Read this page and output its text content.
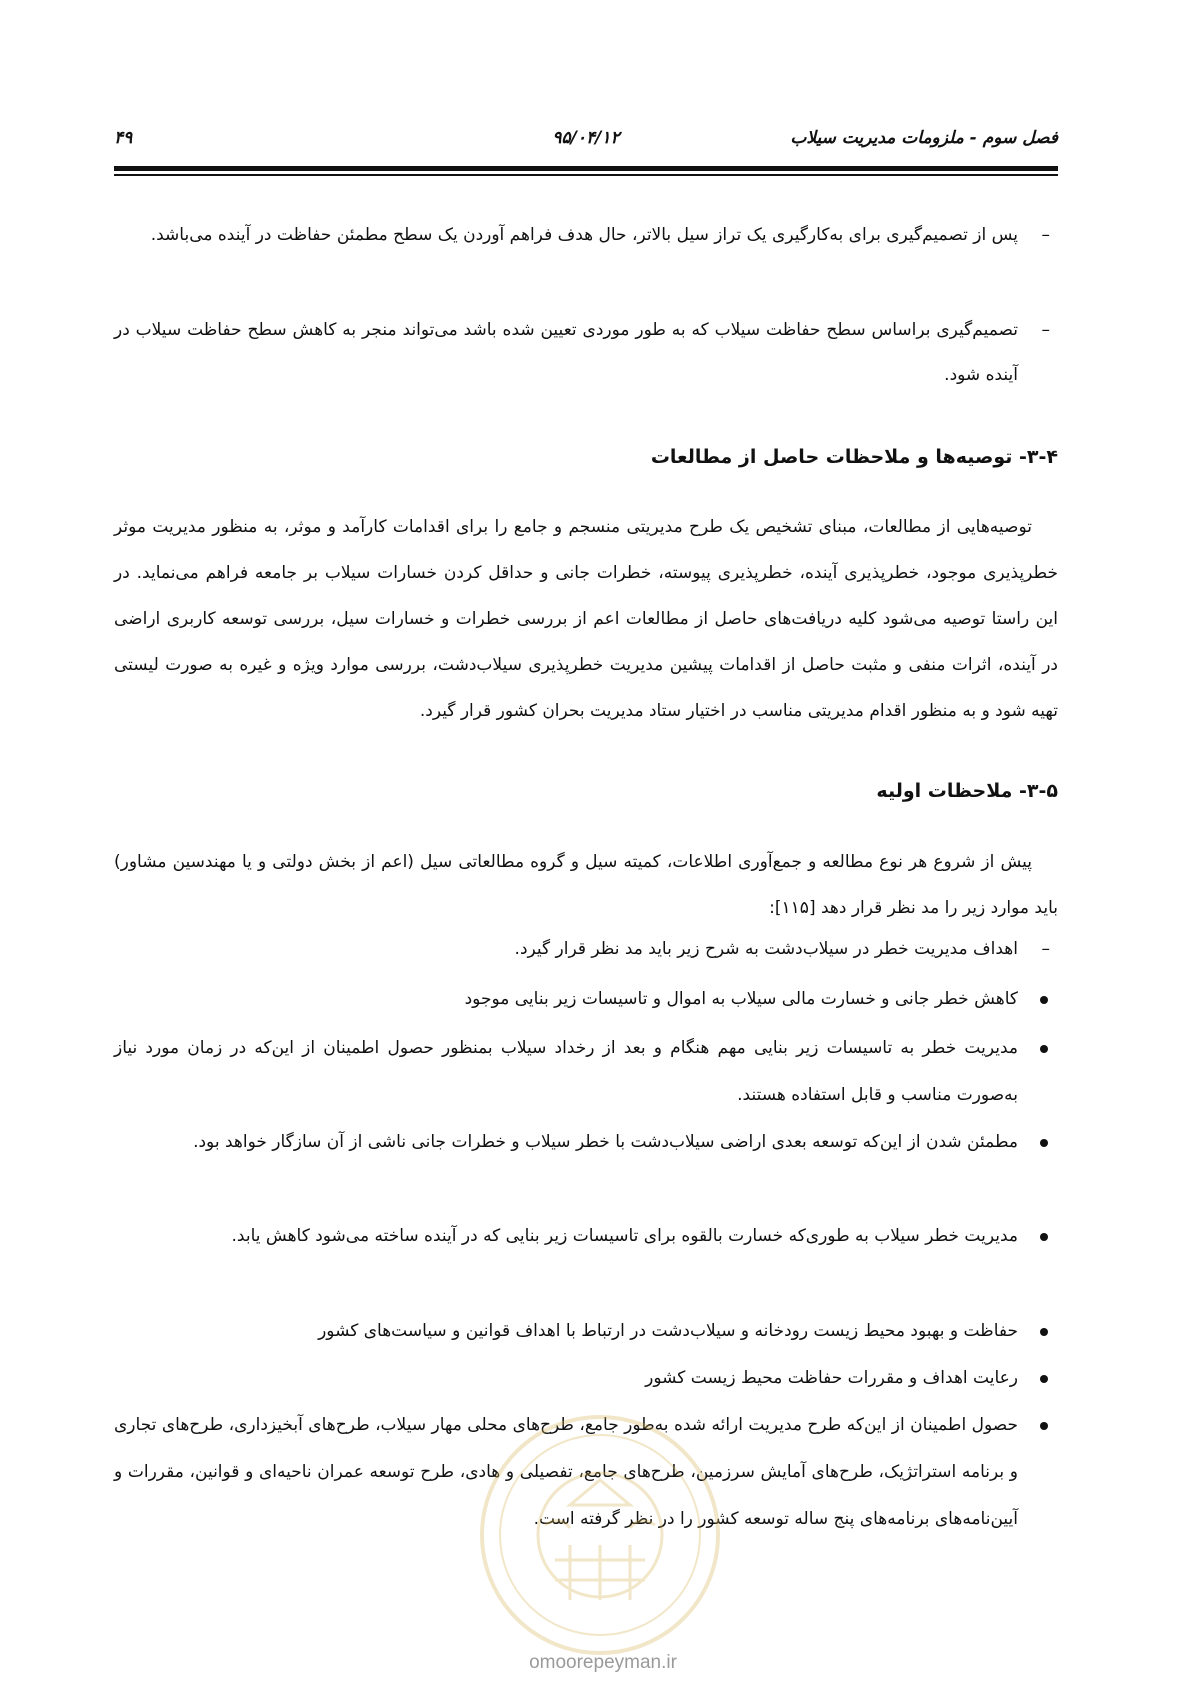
فصل سوم - ملزومات مدیریت سیلاب
۹۵/۰۴/۱۲
۴۹
–
پس از تصمیم‌گیری برای به‌کارگیری یک تراز سیل بالاتر، حال هدف فراهم آوردن یک سطح مطمئن حفاظت در آینده می‌باشد.
–
تصمیم‌گیری براساس سطح حفاظت سیلاب که به طور موردی تعیین شده باشد می‌تواند منجر به کاهش سطح حفاظت سیلاب در آینده شود.
۳-۴- توصیه‌ها و ملاحظات حاصل از مطالعات
توصیه‌هایی از مطالعات، مبنای تشخیص یک طرح مدیریتی منسجم و جامع را برای اقدامات کارآمد و موثر، به منظور مدیریت موثر خطرپذیری موجود، خطرپذیری آینده، خطرپذیری پیوسته، خطرات جانی و حداقل کردن خسارات سیلاب بر جامعه فراهم می‌نماید. در این راستا توصیه می‌شود کلیه دریافت‌های حاصل از مطالعات اعم از بررسی خطرات و خسارات سیل، بررسی توسعه کاربری اراضی در آینده، اثرات منفی و مثبت حاصل از اقدامات پیشین مدیریت خطرپذیری سیلاب‌دشت، بررسی موارد ویژه و غیره به صورت لیستی تهیه شود و به منظور اقدام مدیریتی مناسب در اختیار ستاد مدیریت بحران کشور قرار گیرد.
۳-۵- ملاحظات اولیه
پیش از شروع هر نوع مطالعه و جمع‌آوری اطلاعات، کمیته سیل و گروه مطالعاتی سیل (اعم از بخش دولتی و یا مهندسین مشاور) باید موارد زیر را مد نظر قرار دهد [۱۱۵]:
–
اهداف مدیریت خطر در سیلاب‌دشت به شرح زیر باید مد نظر قرار گیرد.
کاهش خطر جانی و خسارت مالی سیلاب به اموال و تاسیسات زیر بنایی موجود
مدیریت خطر به تاسیسات زیر بنایی مهم هنگام و بعد از رخداد سیلاب بمنظور حصول اطمینان از این‌که در زمان مورد نیاز به‌صورت مناسب و قابل استفاده هستند.
مطمئن شدن از این‌که توسعه بعدی اراضی سیلاب‌دشت با خطر سیلاب و خطرات جانی ناشی از آن سازگار خواهد بود.
مدیریت خطر سیلاب به طوری‌که خسارت بالقوه برای تاسیسات زیر بنایی که در آینده ساخته می‌شود کاهش یابد.
حفاظت و بهبود محیط زیست رودخانه و سیلاب‌دشت در ارتباط با اهداف قوانین و سیاست‌های کشور
رعایت اهداف و مقررات حفاظت محیط زیست کشور
حصول اطمینان از این‌که طرح مدیریت ارائه شده به‌طور جامع، طرح‌های محلی مهار سیلاب، طرح‌های آبخیزداری، طرح‌های تجاری و برنامه استراتژیک، طرح‌های آمایش سرزمین، طرح‌های جامع، تفصیلی و هادی، طرح توسعه عمران ناحیه‌ای و قوانین، مقررات و آیین‌نامه‌های برنامه‌های پنج ساله توسعه کشور را در نظر گرفته است.
omoorepeyman.ir
